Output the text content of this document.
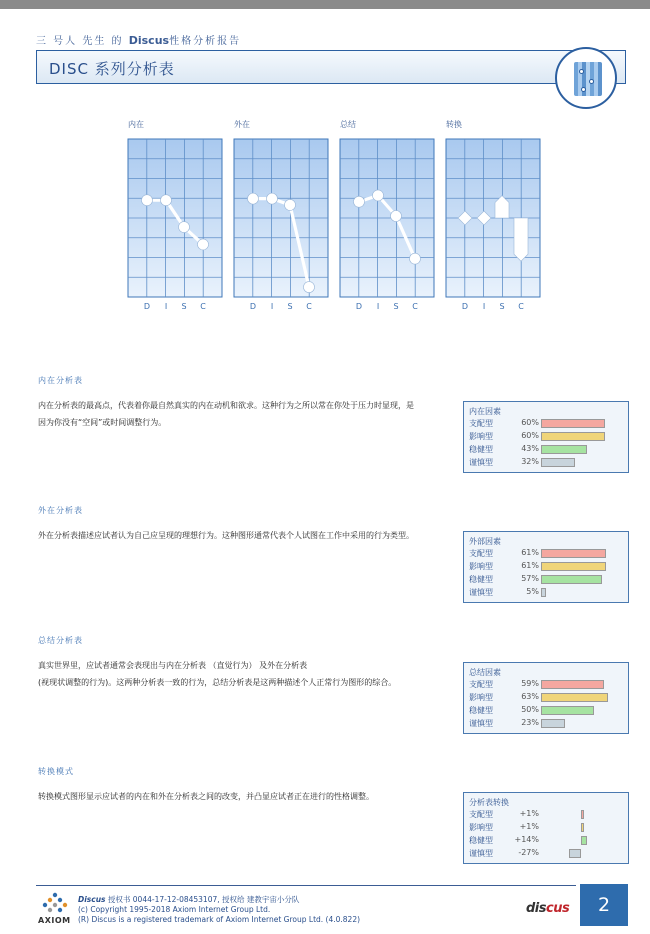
三 号人 先生 的 Discus性格分析报告
DISC 系列分析表
内在
D I S C
外在
D I S C
总结
D I S C
转换
D I S C
内在分析表
内在分析表的最高点，代表着你最自然真实的内在动机和欲求。这种行为之所以常在你处于压力时显现，是
因为你没有“空间”或时间调整行为。
内在因素
支配型	60%
影响型	60%
稳健型	43%
谨慎型	32%
外在分析表
外在分析表描述应试者认为自己应呈现的理想行为。这种图形通常代表个人试图在工作中采用的行为类型。
外部因素
支配型	61%
影响型	61%
稳健型	57%
谨慎型	5%
总结分析表
真实世界里，应试者通常会表现出与内在分析表 （直觉行为） 及外在分析表
(视现状调整的行为)。这两种分析表一致的行为，总结分析表是这两种描述个人正常行为图形的综合。
总结因素
支配型	59%
影响型	63%
稳健型	50%
谨慎型	23%
转换模式
转换模式图形显示应试者的内在和外在分析表之间的改变，并凸显应试者正在进行的性格调整。
分析表转换
支配型	+1%
影响型	+1%
稳健型	+14%
谨慎型	-27%
AXIOM
Discus 授权书 0044-17-12-08453107, 授权给 建教宇宙小分队
(c) Copyright 1995-2018 Axiom Internet Group Ltd.
(R) Discus is a registered trademark of Axiom Internet Group Ltd. (4.0.822)
discus	2
